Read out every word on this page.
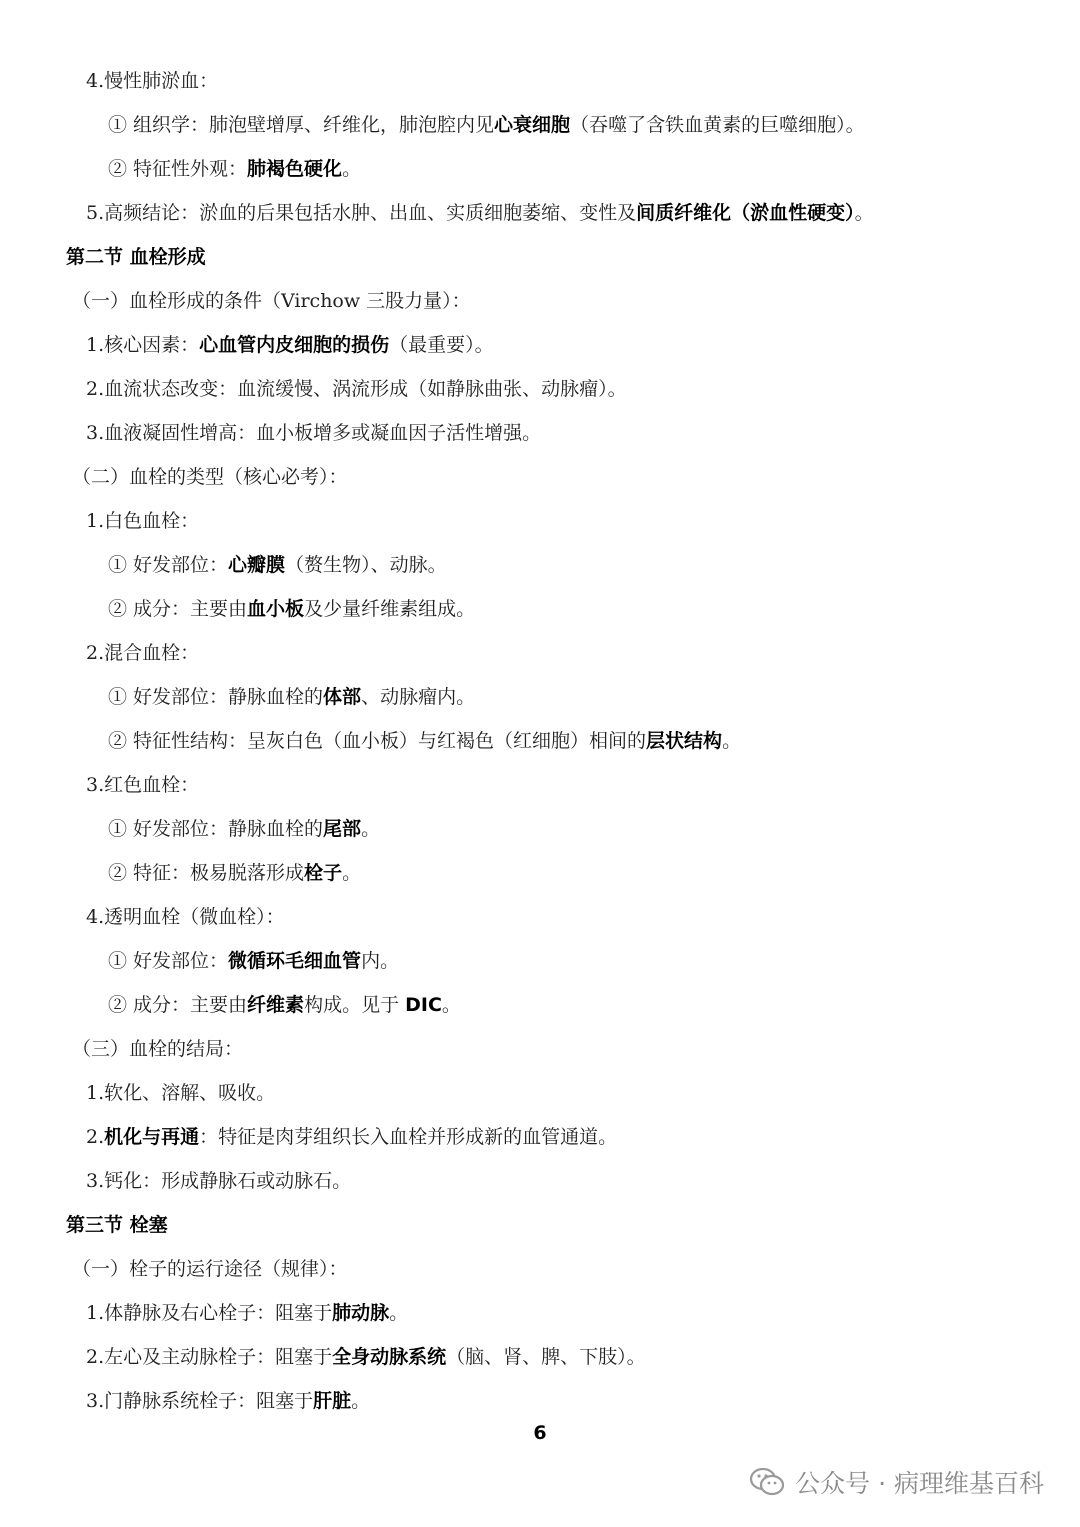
4.慢性肺淤血：
① 组织学：肺泡壁增厚、纤维化，肺泡腔内见心衰细胞（吞噬了含铁血黄素的巨噬细胞）。
② 特征性外观：肺褐色硬化。
5.高频结论：淤血的后果包括水肿、出血、实质细胞萎缩、变性及间质纤维化（淤血性硬变）。
第二节 血栓形成
（一）血栓形成的条件（Virchow 三股力量）：
1.核心因素：心血管内皮细胞的损伤（最重要）。
2.血流状态改变：血流缓慢、涡流形成（如静脉曲张、动脉瘤）。
3.血液凝固性增高：血小板增多或凝血因子活性增强。
（二）血栓的类型（核心必考）：
1.白色血栓：
① 好发部位：心瓣膜（赘生物）、动脉。
② 成分：主要由血小板及少量纤维素组成。
2.混合血栓：
① 好发部位：静脉血栓的体部、动脉瘤内。
② 特征性结构：呈灰白色（血小板）与红褐色（红细胞）相间的层状结构。
3.红色血栓：
① 好发部位：静脉血栓的尾部。
② 特征：极易脱落形成栓子。
4.透明血栓（微血栓）：
① 好发部位：微循环毛细血管内。
② 成分：主要由纤维素构成。见于 DIC。
（三）血栓的结局：
1.软化、溶解、吸收。
2.机化与再通：特征是肉芽组织长入血栓并形成新的血管通道。
3.钙化：形成静脉石或动脉石。
第三节 栓塞
（一）栓子的运行途径（规律）：
1.体静脉及右心栓子：阻塞于肺动脉。
2.左心及主动脉栓子：阻塞于全身动脉系统（脑、肾、脾、下肢）。
3.门静脉系统栓子：阻塞于肝脏。
6
公众号 · 病理维基百科
